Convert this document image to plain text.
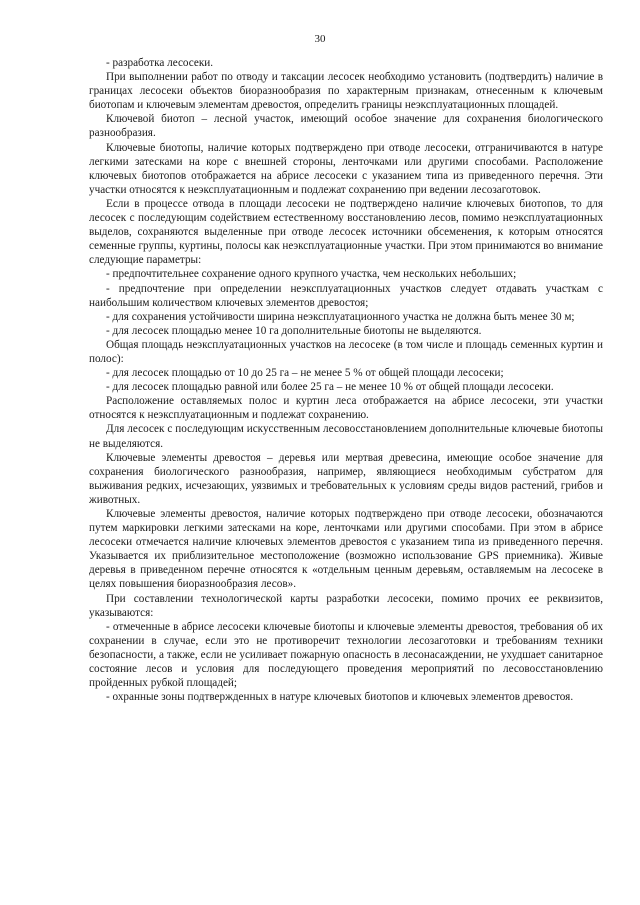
30

- разработка лесосеки.

При выполнении работ по отводу и таксации лесосек необходимо установить (подтвердить) наличие в границах лесосеки объектов биоразнообразия по характерным признакам, отнесенным к ключевым биотопам и ключевым элементам древостоя, определить границы неэксплуатационных площадей.

Ключевой биотоп – лесной участок, имеющий особое значение для сохранения биологического разнообразия.

Ключевые биотопы, наличие которых подтверждено при отводе лесосеки, отграничиваются в натуре легкими затесками на коре с внешней стороны, ленточками или другими способами. Расположение ключевых биотопов отображается на абрисе лесосеки с указанием типа из приведенного перечня. Эти участки относятся к неэксплуатационным и подлежат сохранению при ведении лесозаготовок.

Если в процессе отвода в площади лесосеки не подтверждено наличие ключевых биотопов, то для лесосек с последующим содействием естественному восстановлению лесов, помимо неэксплуатационных выделов, сохраняются выделенные при отводе лесосек источники обсеменения, к которым относятся семенные группы, куртины, полосы как неэксплуатационные участки. При этом принимаются во внимание следующие параметры:

- предпочтительнее сохранение одного крупного участка, чем нескольких небольших;

- предпочтение при определении неэксплуатационных участков следует отдавать участкам с наибольшим количеством ключевых элементов древостоя;

- для сохранения устойчивости ширина неэксплуатационного участка не должна быть менее 30 м;

- для лесосек площадью менее 10 га дополнительные биотопы не выделяются.

Общая площадь неэксплуатационных участков на лесосеке (в том числе и площадь семенных куртин и полос):

- для лесосек площадью от 10 до 25 га – не менее 5 % от общей площади лесосеки;

- для лесосек площадью равной или более 25 га – не менее 10 % от общей площади лесосеки.

Расположение оставляемых полос и куртин леса отображается на абрисе лесосеки, эти участки относятся к неэксплуатационным и подлежат сохранению.

Для лесосек с последующим искусственным лесовосстановлением дополнительные ключевые биотопы не выделяются.

Ключевые элементы древостоя – деревья или мертвая древесина, имеющие особое значение для сохранения биологического разнообразия, например, являющиеся необходимым субстратом для выживания редких, исчезающих, уязвимых и требовательных к условиям среды видов растений, грибов и животных.

Ключевые элементы древостоя, наличие которых подтверждено при отводе лесосеки, обозначаются путем маркировки легкими затесками на коре, ленточками или другими способами. При этом в абрисе лесосеки отмечается наличие ключевых элементов древостоя с указанием типа из приведенного перечня. Указывается их приблизительное местоположение (возможно использование GPS приемника). Живые деревья в приведенном перечне относятся к «отдельным ценным деревьям, оставляемым на лесосеке в целях повышения биоразнообразия лесов».

При составлении технологической карты разработки лесосеки, помимо прочих ее реквизитов, указываются:

- отмеченные в абрисе лесосеки ключевые биотопы и ключевые элементы древостоя, требования об их сохранении в случае, если это не противоречит технологии лесозаготовки и требованиям техники безопасности, а также, если не усиливает пожарную опасность в лесонасаждении, не ухудшает санитарное состояние лесов и условия для последующего проведения мероприятий по лесовосстановлению пройденных рубкой площадей;

- охранные зоны подтвержденных в натуре ключевых биотопов и ключевых элементов древостоя.
